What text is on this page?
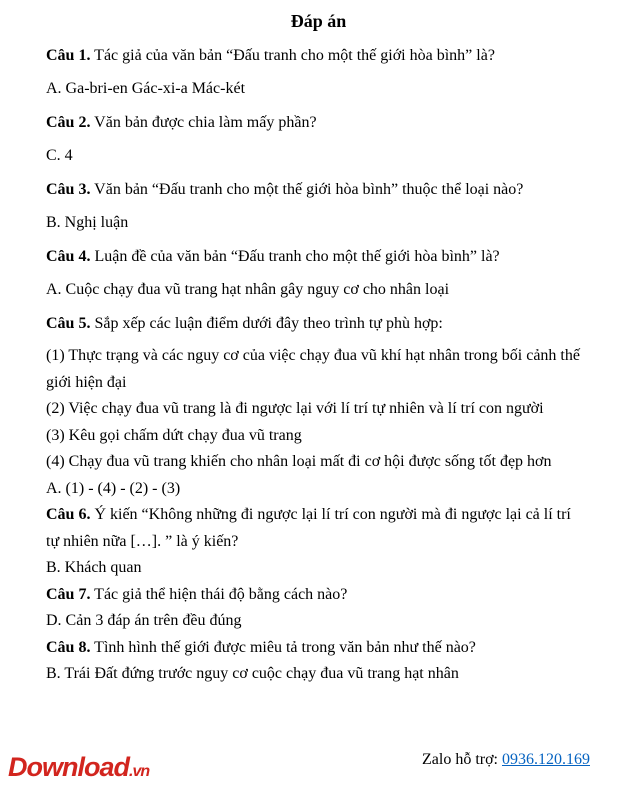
Đáp án

Câu 1. Tác giả của văn bản “Đấu tranh cho một thế giới hòa bình” là?

A. Ga-bri-en Gác-xi-a Mác-két

Câu 2. Văn bản được chia làm mấy phần?

C. 4

Câu 3. Văn bản “Đấu tranh cho một thế giới hòa bình” thuộc thể loại nào?

B. Nghị luận

Câu 4. Luận đề của văn bản “Đấu tranh cho một thế giới hòa bình” là?

A. Cuộc chạy đua vũ trang hạt nhân gây nguy cơ cho nhân loại

Câu 5. Sắp xếp các luận điểm dưới đây theo trình tự phù hợp:

(1) Thực trạng và các nguy cơ của việc chạy đua vũ khí hạt nhân trong bối cảnh thế

giới hiện đại

(2) Việc chạy đua vũ trang là đi ngược lại với lí trí tự nhiên và lí trí con người

(3) Kêu gọi chấm dứt chạy đua vũ trang

(4) Chạy đua vũ trang khiến cho nhân loại mất đi cơ hội được sống tốt đẹp hơn

A. (1) - (4) - (2) - (3)

Câu 6. Ý kiến “Không những đi ngược lại lí trí con người mà đi ngược lại cả lí trí

tự nhiên nữa […]. ” là ý kiến?

B. Khách quan

Câu 7. Tác giả thể hiện thái độ bằng cách nào?

D. Cản 3 đáp án trên đều đúng

Câu 8. Tình hình thế giới được miêu tả trong văn bản như thế nào?

B. Trái Đất đứng trước nguy cơ cuộc chạy đua vũ trang hạt nhân

Download.vn
Zalo hỗ trợ: 0936.120.169
